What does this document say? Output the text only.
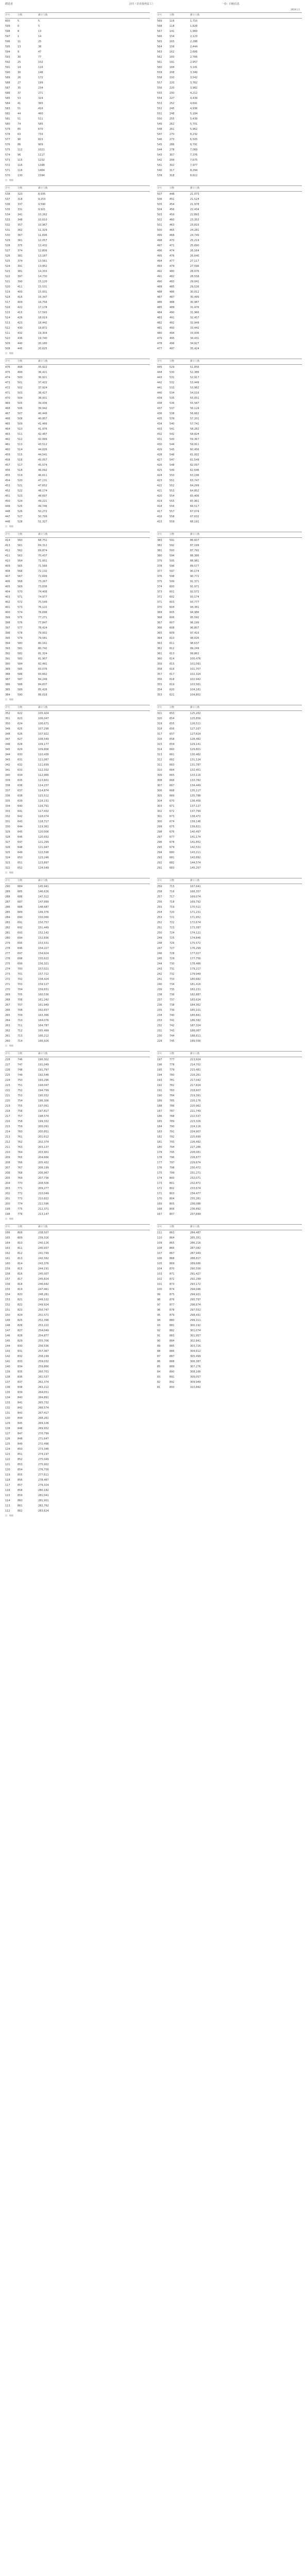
聘选者	合同（非直接利益工）	一份：回租信息
2019.1.1
序号	分数	累计人数
600	5	5
599	0	5
598	8	13
597	1	14
596	11	25
595	13	38
594	9	47
593	30	77
592	25	102
591	14	116
590	30	146
589	26	172
588	27	199
587	35	234
586	37	271
585	53	324
584	41	365
583	51	416
582	44	460
581	51	511
580	74	585
579	85	670
578	63	733
577	90	823
576	86	909
575	112	1021
574	96	1117
573	115	1232
572	116	1348
571	116	1464
570	130	1594
序号	分数	累计人数
569	116	1,710
568	118	1,828
567	141	1,969
566	154	2,123
565	165	2,288
564	156	2,444
563	162	2,606
562	160	2,766
561	191	2,957
560	184	3,141
559	208	3,349
558	193	3,542
557	220	3,762
556	220	3,982
555	230	4,212
554	227	4,439
553	252	4,691
552	245	4,936
551	248	5,184
550	255	5,439
549	262	5,701
548	261	5,962
547	270	6,232
546	273	6,505
545	286	6,791
544	278	7,069
543	307	7,376
542	299	7,675
541	302	7,977
540	317	8,294
539	318	8,612
注：数据
序号	分数	累计人数
538	323	8,935
537	318	9,253
536	337	9,590
535	331	9,921
534	341	10,262
533	348	10,610
532	357	10,967
531	362	11,329
530	367	11,696
529	361	12,057
528	375	12,432
527	374	12,806
526	381	13,187
525	374	13,561
524	391	13,952
523	381	14,333
522	397	14,730
521	390	15,120
520	411	15,531
519	400	15,931
518	416	16,347
517	409	16,756
516	422	17,178
515	415	17,593
514	426	18,019
513	423	18,442
512	430	18,872
511	432	19,304
510	436	19,740
509	440	20,180
508	445	20,625
序号	分数	累计人数
507	448	21,073
506	451	21,524
505	454	21,978
504	456	22,434
503	459	22,893
502	460	23,353
501	463	23,816
500	465	24,281
499	468	24,749
498	470	25,219
497	471	25,690
496	474	26,164
495	476	26,640
494	477	27,117
493	479	27,596
492	480	28,076
491	482	28,558
490	483	29,041
489	485	29,526
488	486	30,012
487	487	30,499
486	488	30,987
485	489	31,476
484	490	31,966
483	491	32,457
482	492	32,949
481	493	33,442
480	494	33,936
479	495	34,431
478	496	34,927
477	497	35,424
注：数据
序号	分数	累计人数
476	498	35,922
475	499	36,421
474	500	36,921
473	501	37,422
472	502	37,924
471	503	38,427
470	504	38,931
469	505	39,436
468	506	39,942
467	507	40,449
466	508	40,957
465	509	41,466
464	510	41,976
463	511	42,487
462	512	42,999
461	513	43,512
460	514	44,026
459	515	44,541
458	516	45,057
457	517	45,574
456	518	46,092
455	519	46,611
454	520	47,131
453	521	47,652
452	522	48,174
451	523	48,697
450	524	49,221
449	525	49,746
448	526	50,272
447	527	50,799
446	528	51,327
序号	分数	累计人数
445	529	51,856
444	530	52,386
443	531	52,917
442	532	53,449
441	533	53,982
440	534	54,516
439	535	55,051
438	536	55,587
437	537	56,124
436	538	56,662
435	539	57,201
434	540	57,741
433	541	58,282
432	542	58,824
431	543	59,367
430	544	59,911
429	545	60,456
428	546	61,002
427	547	61,549
426	548	62,097
425	549	62,646
424	550	63,196
423	551	63,747
422	552	64,299
421	553	64,852
420	554	65,406
419	555	65,961
418	556	66,517
417	557	67,074
416	558	67,632
415	559	68,191
注：数据
序号	分数	累计人数
414	560	68,751
413	561	69,312
412	562	69,874
411	563	70,437
410	564	71,001
409	565	71,566
408	566	72,132
407	567	72,699
406	568	73,267
405	569	73,836
404	570	74,406
403	571	74,977
402	572	75,549
401	573	76,122
400	574	76,696
399	575	77,271
398	576	77,847
397	577	78,424
396	578	79,002
395	579	79,581
394	580	80,161
393	581	80,742
392	582	81,324
391	583	81,907
390	584	82,491
389	585	83,076
388	586	83,662
387	587	84,249
386	588	84,837
385	589	85,426
384	590	86,016
序号	分数	累计人数
383	591	86,607
382	592	87,199
381	593	87,792
380	594	88,386
379	595	88,981
378	596	89,577
377	597	90,174
376	598	90,772
375	599	91,371
374	600	91,971
373	601	92,572
372	602	93,174
371	603	93,777
370	604	94,381
369	605	94,986
368	606	95,592
367	607	96,199
366	608	96,807
365	609	97,416
364	610	98,026
363	611	98,637
362	612	99,249
361	613	99,862
360	614	100,476
359	615	101,091
358	616	101,707
357	617	102,324
356	618	102,942
355	619	103,561
354	620	104,181
353	621	104,802
注：数据
序号	分数	累计人数
352	622	105,424
351	623	106,047
350	624	106,671
349	625	107,296
348	626	107,922
347	627	108,549
346	628	109,177
345	629	109,806
344	630	110,436
343	631	111,067
342	632	111,699
341	633	112,332
340	634	112,966
339	635	113,601
338	636	114,237
337	637	114,874
336	638	115,512
335	639	116,151
334	640	116,791
333	641	117,432
332	642	118,074
331	643	118,717
330	644	119,361
329	645	120,006
328	646	120,652
327	647	121,299
326	648	121,947
325	649	122,596
324	650	123,246
323	651	123,897
322	652	124,549
序号	分数	累计人数
321	653	125,202
320	654	125,856
319	655	126,511
318	656	127,167
317	657	127,824
316	658	128,482
315	659	129,141
314	660	129,801
313	661	130,462
312	662	131,124
311	663	131,787
310	664	132,451
309	665	133,116
308	666	133,782
307	667	134,449
306	668	135,117
305	669	135,786
304	670	136,456
303	671	137,127
302	672	137,799
301	673	138,472
300	674	139,146
299	675	139,821
298	676	140,497
297	677	141,174
296	678	141,852
295	679	142,531
294	680	143,211
293	681	143,892
292	682	144,574
291	683	145,257
注：数据
序号	分数	累计人数
290	684	145,941
289	685	146,626
288	686	147,312
287	687	147,999
286	688	148,687
285	689	149,376
284	690	150,066
283	691	150,757
282	692	151,449
281	693	152,142
280	694	152,836
279	695	153,531
278	696	154,227
277	697	154,924
276	698	155,622
275	699	156,321
274	700	157,021
273	701	157,722
272	702	158,424
271	703	159,127
270	704	159,831
269	705	160,536
268	706	161,242
267	707	161,949
266	708	162,657
265	709	163,366
264	710	164,076
263	711	164,787
262	712	165,499
261	713	166,212
260	714	166,926
序号	分数	累计人数
259	715	167,641
258	716	168,357
257	717	169,074
256	718	169,792
255	719	170,511
254	720	171,231
253	721	171,952
252	722	172,674
251	723	173,397
250	724	174,121
249	725	174,846
248	726	175,572
247	727	176,299
246	728	177,027
245	729	177,756
244	730	178,486
243	731	179,217
242	732	179,949
241	733	180,682
240	734	181,416
239	735	182,151
238	736	182,887
237	737	183,624
236	738	184,362
235	739	185,101
234	740	185,841
233	741	186,582
232	742	187,324
231	743	188,067
230	744	188,811
229	745	189,556
注：数据
序号	分数	累计人数
228	746	190,302
227	747	191,049
226	748	191,797
225	749	192,546
224	750	193,296
223	751	194,047
222	752	194,799
221	753	195,552
220	754	196,306
219	755	197,061
218	756	197,817
217	757	198,574
216	758	199,332
215	759	200,091
214	760	200,851
213	761	201,612
212	762	202,374
211	763	203,137
210	764	203,901
209	765	204,666
208	766	205,432
207	767	206,199
206	768	206,967
205	769	207,736
204	770	208,506
203	771	209,277
202	772	210,049
201	773	210,822
200	774	211,596
199	775	212,371
198	776	213,147
序号	分数	累计人数
197	777	213,924
196	778	214,702
195	779	215,481
194	780	216,261
193	781	217,042
192	782	217,824
191	783	218,607
190	784	219,391
189	785	220,176
188	786	220,962
187	787	221,749
186	788	222,537
185	789	223,326
184	790	224,116
183	791	224,907
182	792	225,699
181	793	226,492
180	794	227,286
179	795	228,081
178	796	228,877
177	797	229,674
176	798	230,472
175	799	231,271
174	800	232,071
173	801	232,872
172	802	233,674
171	803	234,477
170	804	235,281
169	805	236,086
168	806	236,892
167	807	237,699
注：数据
序号	分数	累计人数
166	808	238,507
165	809	239,316
164	810	240,126
163	811	240,937
162	812	241,749
161	813	242,562
160	814	243,376
159	815	244,191
158	816	245,007
157	817	245,824
156	818	246,642
155	819	247,461
154	820	248,281
153	821	249,102
152	822	249,924
151	823	250,747
150	824	251,571
149	825	252,396
148	826	253,222
147	827	254,049
146	828	254,877
145	829	255,706
144	830	256,536
143	831	257,367
142	832	258,199
141	833	259,032
140	834	259,866
139	835	260,701
138	836	261,537
137	837	262,374
136	838	263,212
135	839	264,051
134	840	264,891
133	841	265,732
132	842	266,574
131	843	267,417
130	844	268,261
129	845	269,106
128	846	269,952
127	847	270,799
126	848	271,647
125	849	272,496
124	850	273,346
123	851	274,197
122	852	275,049
121	853	275,902
120	854	276,756
119	855	277,611
118	856	278,467
117	857	279,324
116	858	280,182
115	859	281,041
114	860	281,901
113	861	282,762
112	862	283,624
序号	分数	累计人数
111	863	284,487
110	864	285,351
109	865	286,216
108	866	287,082
107	867	287,949
106	868	288,817
105	869	289,686
104	870	290,556
103	871	291,427
102	872	292,299
101	873	293,172
100	874	294,046
99	875	294,921
98	876	295,797
97	877	296,674
96	878	297,552
95	879	298,431
94	880	299,311
93	881	300,192
92	882	301,074
91	883	301,957
90	884	302,841
89	885	303,726
88	886	304,612
87	887	305,499
86	888	306,387
85	889	307,276
84	890	308,166
83	891	309,057
82	892	309,949
81	893	310,842
注：数据
